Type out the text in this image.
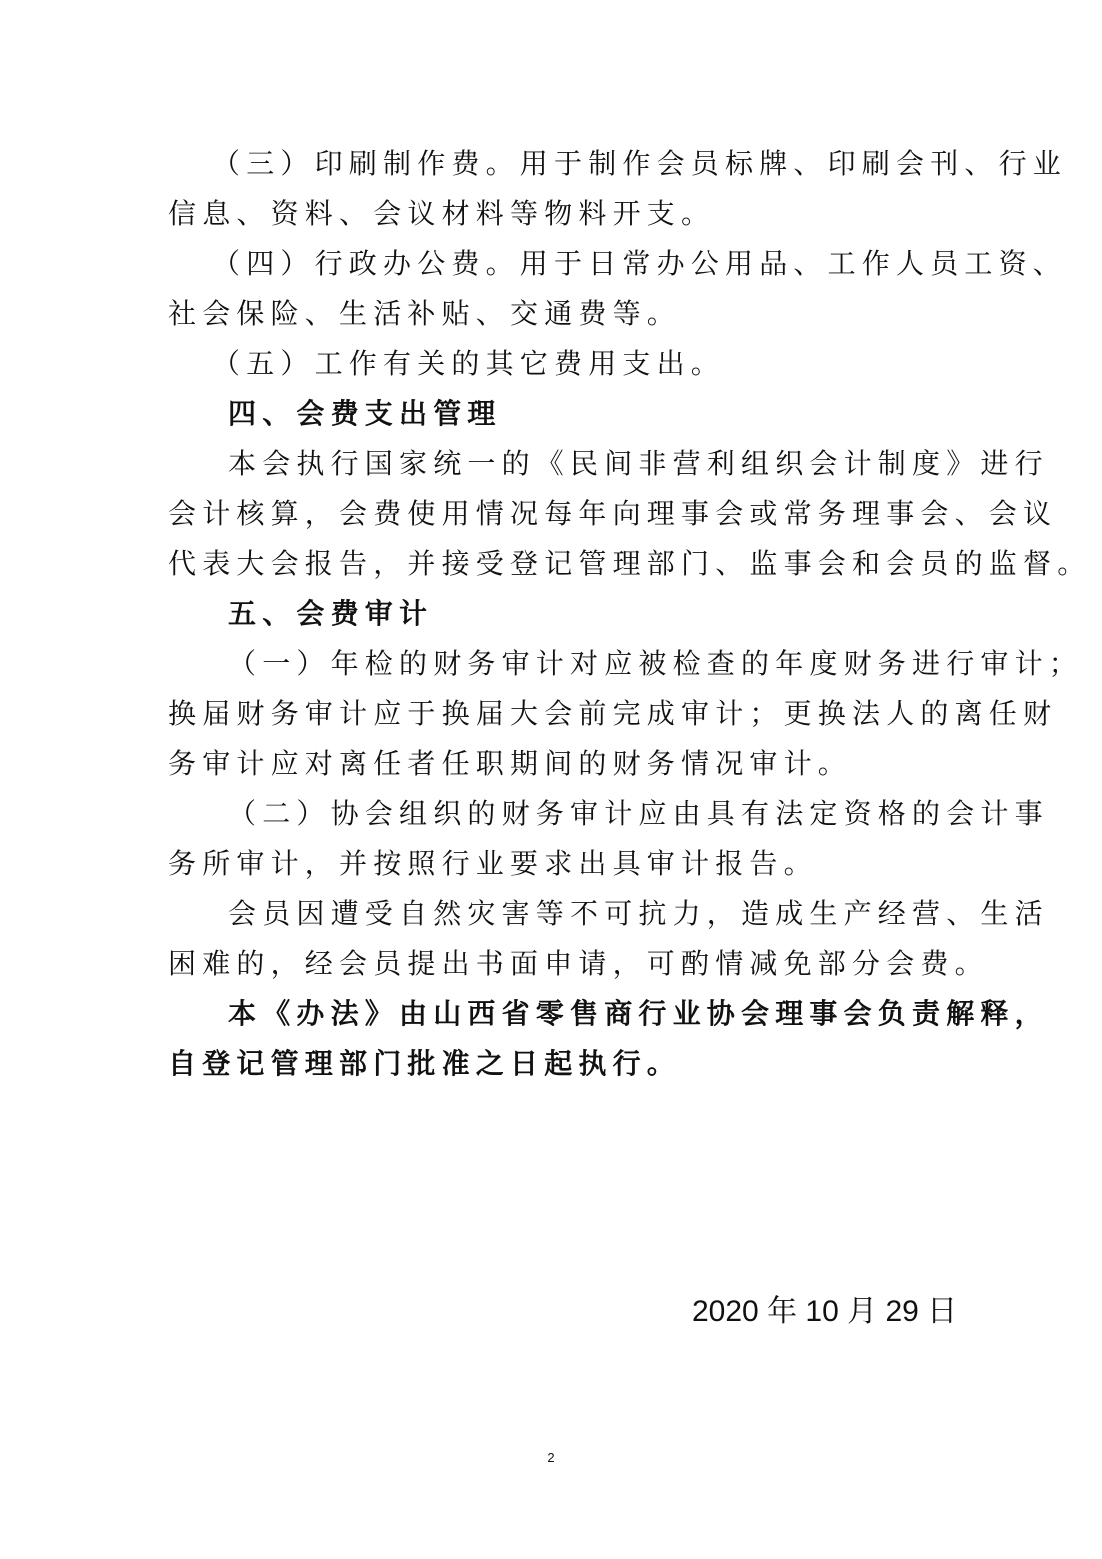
（三）印刷制作费。用于制作会员标牌、印刷会刊、行业
信息、资料、会议材料等物料开支。
（四）行政办公费。用于日常办公用品、工作人员工资、
社会保险、生活补贴、交通费等。
（五）工作有关的其它费用支出。
四、会费支出管理
本会执行国家统一的《民间非营利组织会计制度》进行
会计核算，会费使用情况每年向理事会或常务理事会、会议
代表大会报告，并接受登记管理部门、监事会和会员的监督。
五、会费审计
（一）年检的财务审计对应被检查的年度财务进行审计；
换届财务审计应于换届大会前完成审计；更换法人的离任财
务审计应对离任者任职期间的财务情况审计。
（二）协会组织的财务审计应由具有法定资格的会计事
务所审计，并按照行业要求出具审计报告。
会员因遭受自然灾害等不可抗力，造成生产经营、生活
困难的，经会员提出书面申请，可酌情减免部分会费。
本《办法》由山西省零售商行业协会理事会负责解释，
自登记管理部门批准之日起执行。
2020 年 10 月 29 日
2
